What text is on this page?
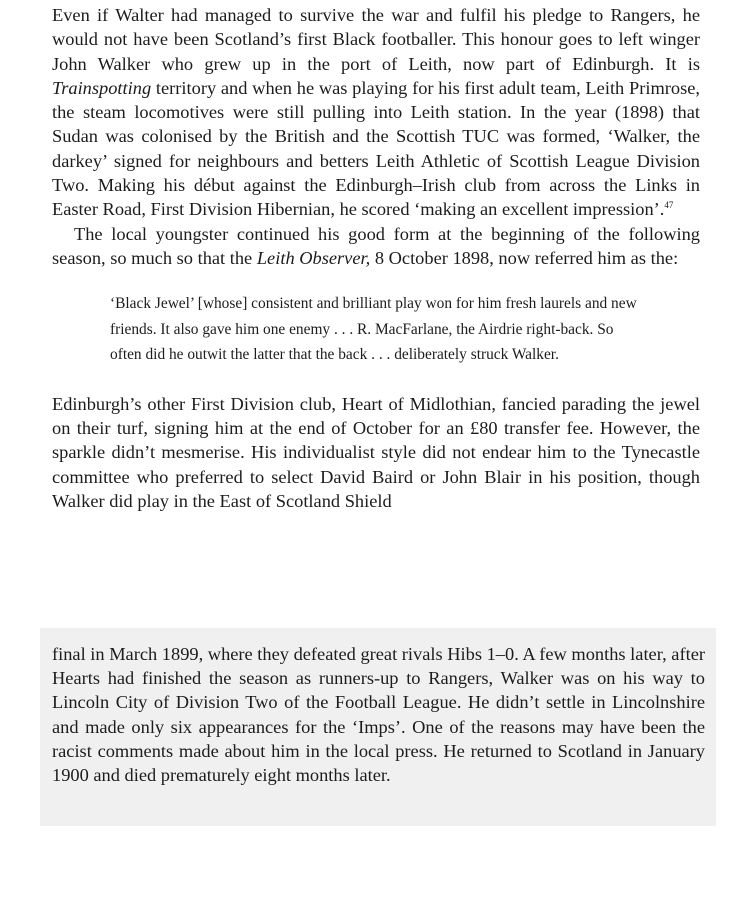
Even if Walter had managed to survive the war and fulfil his pledge to Rangers, he would not have been Scotland’s first Black footballer. This honour goes to left winger John Walker who grew up in the port of Leith, now part of Edinburgh. It is Trainspotting territory and when he was playing for his first adult team, Leith Primrose, the steam locomotives were still pulling into Leith station. In the year (1898) that Sudan was colonised by the British and the Scottish TUC was formed, ‘Walker, the darkey’ signed for neighbours and betters Leith Athletic of Scottish League Division Two. Making his début against the Edinburgh–Irish club from across the Links in Easter Road, First Division Hibernian, he scored ‘making an excellent impression’.$^{47}$

The local youngster continued his good form at the beginning of the following season, so much so that the Leith Observer, 8 October 1898, now referred him as the:

‘Black Jewel’ [whose] consistent and brilliant play won for him fresh laurels and new friends. It also gave him one enemy . . . R. MacFarlane, the Airdrie right-back. So often did he outwit the latter that the back . . . deliberately struck Walker.

Edinburgh’s other First Division club, Heart of Midlothian, fancied parading the jewel on their turf, signing him at the end of October for an £80 transfer fee. However, the sparkle didn’t mesmerise. His individualist style did not endear him to the Tynecastle committee who preferred to select David Baird or John Blair in his position, though Walker did play in the East of Scotland Shield

final in March 1899, where they defeated great rivals Hibs 1–0. A few months later, after Hearts had finished the season as runners-up to Rangers, Walker was on his way to Lincoln City of Division Two of the Football League. He didn’t settle in Lincolnshire and made only six appearances for the ‘Imps’. One of the reasons may have been the racist comments made about him in the local press. He returned to Scotland in January 1900 and died prematurely eight months later.
